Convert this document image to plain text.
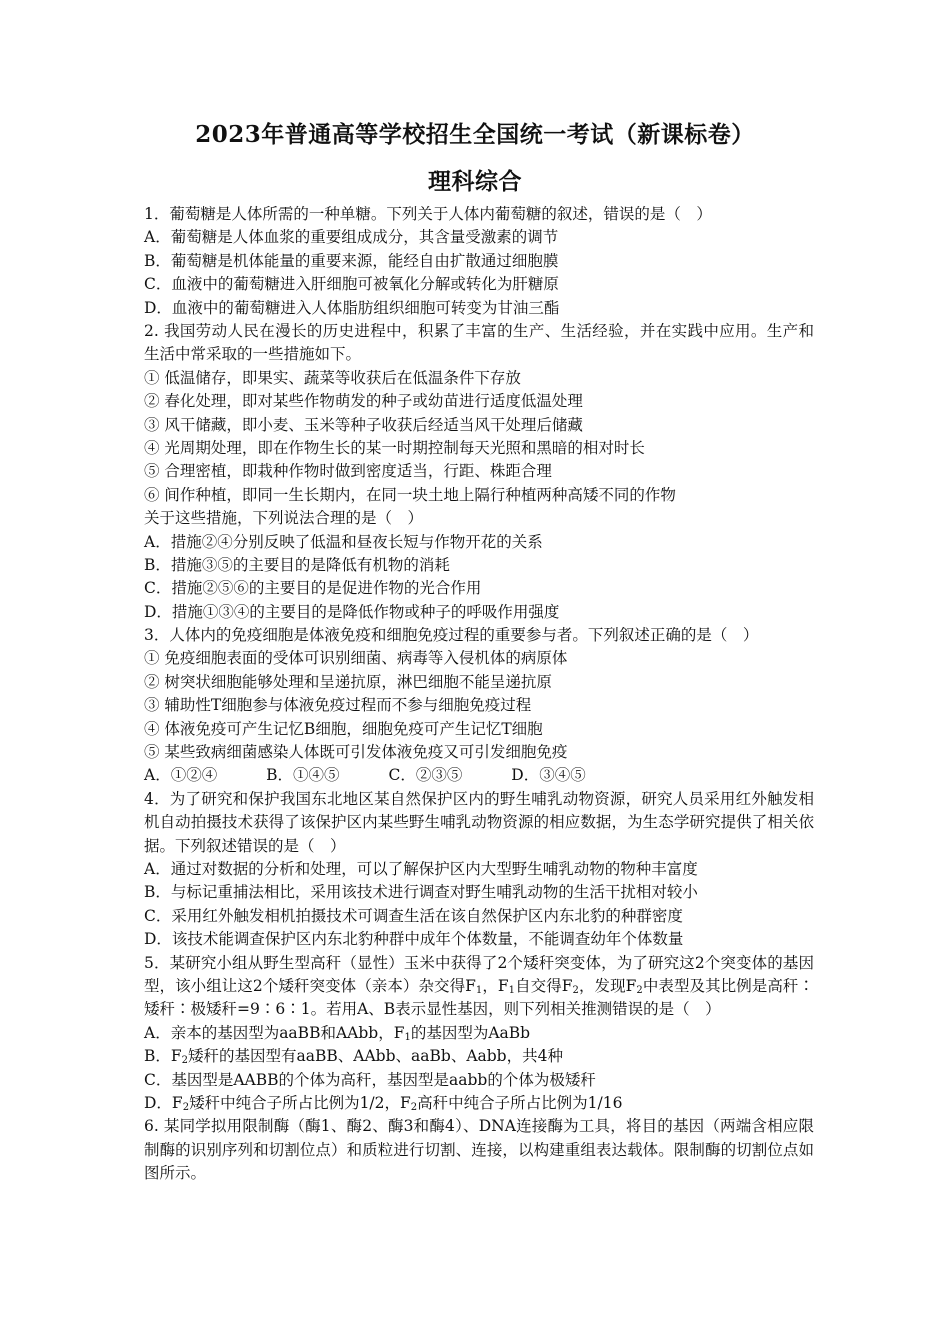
2023年普通高等学校招生全国统一考试（新课标卷）
理科综合
1．葡萄糖是人体所需的一种单糖。下列关于人体内葡萄糖的叙述，错误的是（　）
A．葡萄糖是人体血浆的重要组成成分，其含量受激素的调节
B．葡萄糖是机体能量的重要来源，能经自由扩散通过细胞膜
C．血液中的葡萄糖进入肝细胞可被氧化分解或转化为肝糖原
D．血液中的葡萄糖进入人体脂肪组织细胞可转变为甘油三酯
2. 我国劳动人民在漫长的历史进程中，积累了丰富的生产、生活经验，并在实践中应用。生产和生活中常采取的一些措施如下。
① 低温储存，即果实、蔬菜等收获后在低温条件下存放
② 春化处理，即对某些作物萌发的种子或幼苗进行适度低温处理
③ 风干储藏，即小麦、玉米等种子收获后经适当风干处理后储藏
④ 光周期处理，即在作物生长的某一时期控制每天光照和黑暗的相对时长
⑤ 合理密植，即栽种作物时做到密度适当，行距、株距合理
⑥ 间作种植，即同一生长期内，在同一块土地上隔行种植两种高矮不同的作物
关于这些措施，下列说法合理的是（　）
A．措施②④分别反映了低温和昼夜长短与作物开花的关系
B．措施③⑤的主要目的是降低有机物的消耗
C．措施②⑤⑥的主要目的是促进作物的光合作用
D．措施①③④的主要目的是降低作物或种子的呼吸作用强度
3．人体内的免疫细胞是体液免疫和细胞免疫过程的重要参与者。下列叙述正确的是（　）
① 免疫细胞表面的受体可识别细菌、病毒等入侵机体的病原体
② 树突状细胞能够处理和呈递抗原，淋巴细胞不能呈递抗原
③ 辅助性T细胞参与体液免疫过程而不参与细胞免疫过程
④ 体液免疫可产生记忆B细胞，细胞免疫可产生记忆T细胞
⑤ 某些致病细菌感染人体既可引发体液免疫又可引发细胞免疫
A．①②④	B．①④⑤	C．②③⑤	D．③④⑤
4．为了研究和保护我国东北地区某自然保护区内的野生哺乳动物资源，研究人员采用红外触发相机自动拍摄技术获得了该保护区内某些野生哺乳动物资源的相应数据，为生态学研究提供了相关依据。下列叙述错误的是（　）
A．通过对数据的分析和处理，可以了解保护区内大型野生哺乳动物的物种丰富度
B．与标记重捕法相比，采用该技术进行调查对野生哺乳动物的生活干扰相对较小
C．采用红外触发相机拍摄技术可调查生活在该自然保护区内东北豹的种群密度
D．该技术能调查保护区内东北豹种群中成年个体数量，不能调查幼年个体数量
5．某研究小组从野生型高秆（显性）玉米中获得了2个矮秆突变体，为了研究这2个突变体的基因型，该小组让这2个矮秆突变体（亲本）杂交得$F_1$，$F_1$自交得$F_2$，发现$F_2$中表型及其比例是高秆∶矮秆∶极矮秆=9∶6∶1。若用A、B表示显性基因，则下列相关推测错误的是（　）
A．亲本的基因型为aaBB和AAbb，$F_1$的基因型为AaBb
B．$F_2$矮秆的基因型有aaBB、AAbb、aaBb、Aabb，共4种
C．基因型是AABB的个体为高秆，基因型是aabb的个体为极矮秆
D．$F_2$矮秆中纯合子所占比例为1/2，$F_2$高秆中纯合子所占比例为1/16
6. 某同学拟用限制酶（酶1、酶2、酶3和酶4）、DNA连接酶为工具，将目的基因（两端含相应限制酶的识别序列和切割位点）和质粒进行切割、连接，以构建重组表达载体。限制酶的切割位点如图所示。
